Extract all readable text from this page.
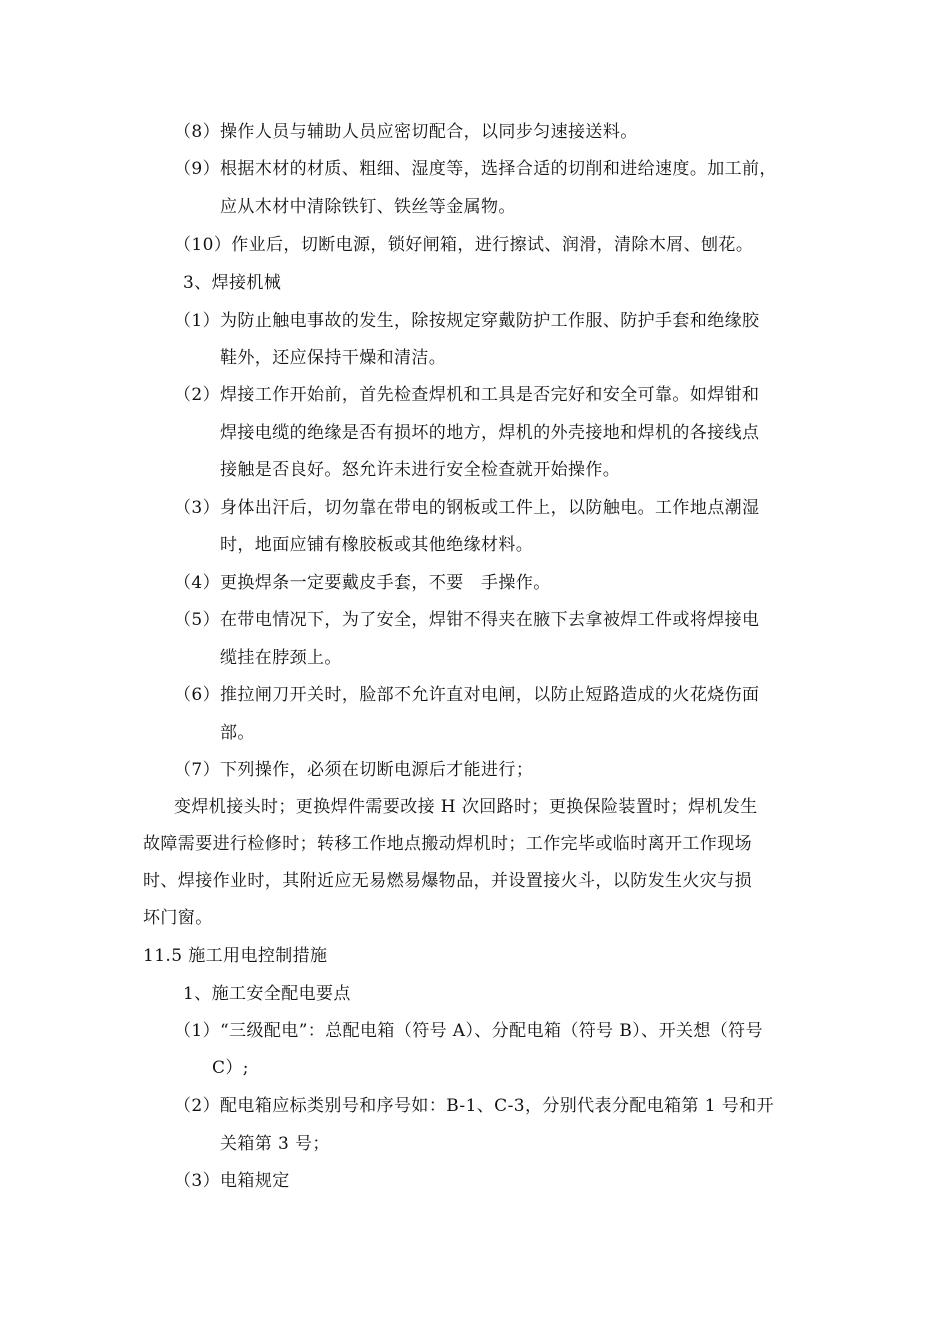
（8）操作人员与辅助人员应密切配合，以同步匀速接送料。
（9）根据木材的材质、粗细、湿度等，选择合适的切削和进给速度。加工前，
应从木材中清除铁钉、铁丝等金属物。
（10）作业后，切断电源，锁好闸箱，进行擦试、润滑，清除木屑、刨花。
3、焊接机械
（1）为防止触电事故的发生，除按规定穿戴防护工作服、防护手套和绝缘胶
鞋外，还应保持干燥和清洁。
（2）焊接工作开始前，首先检查焊机和工具是否完好和安全可靠。如焊钳和
焊接电缆的绝缘是否有损坏的地方，焊机的外壳接地和焊机的各接线点
接触是否良好。怒允许未进行安全检查就开始操作。
（3）身体出汗后，切勿靠在带电的钢板或工件上，以防触电。工作地点潮湿
时，地面应铺有橡胶板或其他绝缘材料。
（4）更换焊条一定要戴皮手套，不要　手操作。
（5）在带电情况下，为了安全，焊钳不得夹在腋下去拿被焊工件或将焊接电
缆挂在脖颈上。
（6）推拉闸刀开关时，脸部不允许直对电闸，以防止短路造成的火花烧伤面
部。
（7）下列操作，必须在切断电源后才能进行；
变焊机接头时；更换焊件需要改接 H 次回路时；更换保险装置时；焊机发生
故障需要进行检修时；转移工作地点搬动焊机时；工作完毕或临时离开工作现场
时、焊接作业时，其附近应无易燃易爆物品，并设置接火斗，以防发生火灾与损
坏门窗。
11.5 施工用电控制措施
1、施工安全配电要点
（1）“三级配电”：总配电箱（符号 A）、分配电箱（符号 B）、开关想（符号
C）;
（2）配电箱应标类别号和序号如：B-1、C-3，分别代表分配电箱第 1 号和开
关箱第 3 号；
（3）电箱规定
